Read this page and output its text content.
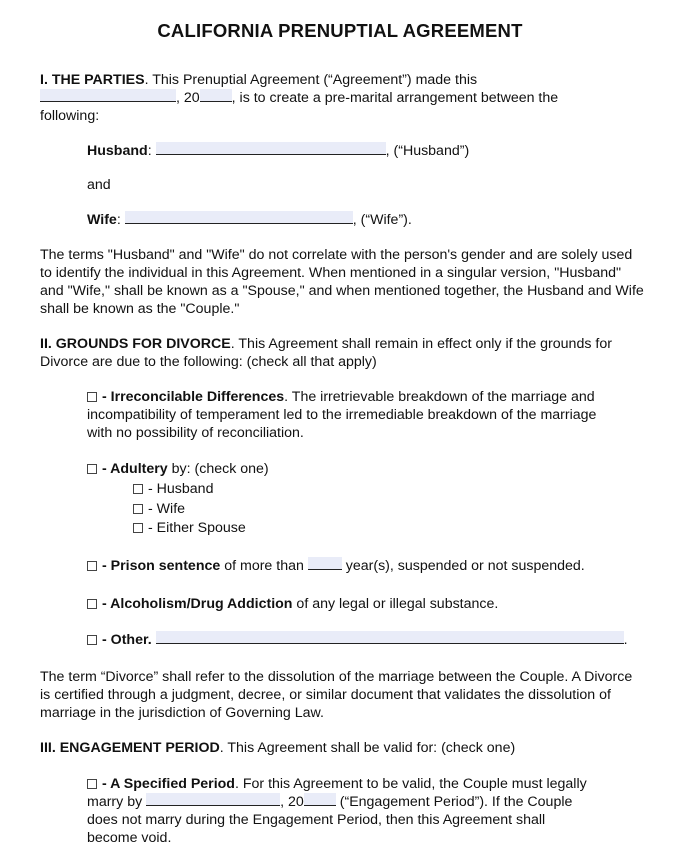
CALIFORNIA PRENUPTIAL AGREEMENT
I. THE PARTIES. This Prenuptial Agreement (“Agreement”) made this
, 20 , is to create a pre-marital arrangement between the
following:
Husband:	, (“Husband”)
and
Wife:	, (“Wife”).
The terms "Husband" and "Wife" do not correlate with the person's gender and are solely used to identify the individual in this Agreement. When mentioned in a singular version, "Husband" and "Wife," shall be known as a "Spouse," and when mentioned together, the Husband and Wife shall be known as the "Couple."
II. GROUNDS FOR DIVORCE. This Agreement shall remain in effect only if the grounds for Divorce are due to the following: (check all that apply)
- Irreconcilable Differences. The irretrievable breakdown of the marriage and incompatibility of temperament led to the irremediable breakdown of the marriage with no possibility of reconciliation.
- Adultery by: (check one)
- Husband
- Wife
- Either Spouse
- Prison sentence of more than  year(s), suspended or not suspended.
- Alcoholism/Drug Addiction of any legal or illegal substance.
- Other.	.
The term “Divorce” shall refer to the dissolution of the marriage between the Couple. A Divorce is certified through a judgment, decree, or similar document that validates the dissolution of marriage in the jurisdiction of Governing Law.
III. ENGAGEMENT PERIOD. This Agreement shall be valid for: (check one)
- A Specified Period. For this Agreement to be valid, the Couple must legally
marry by	, 20 (“Engagement Period”). If the Couple
does not marry during the Engagement Period, then this Agreement shall
become void.
